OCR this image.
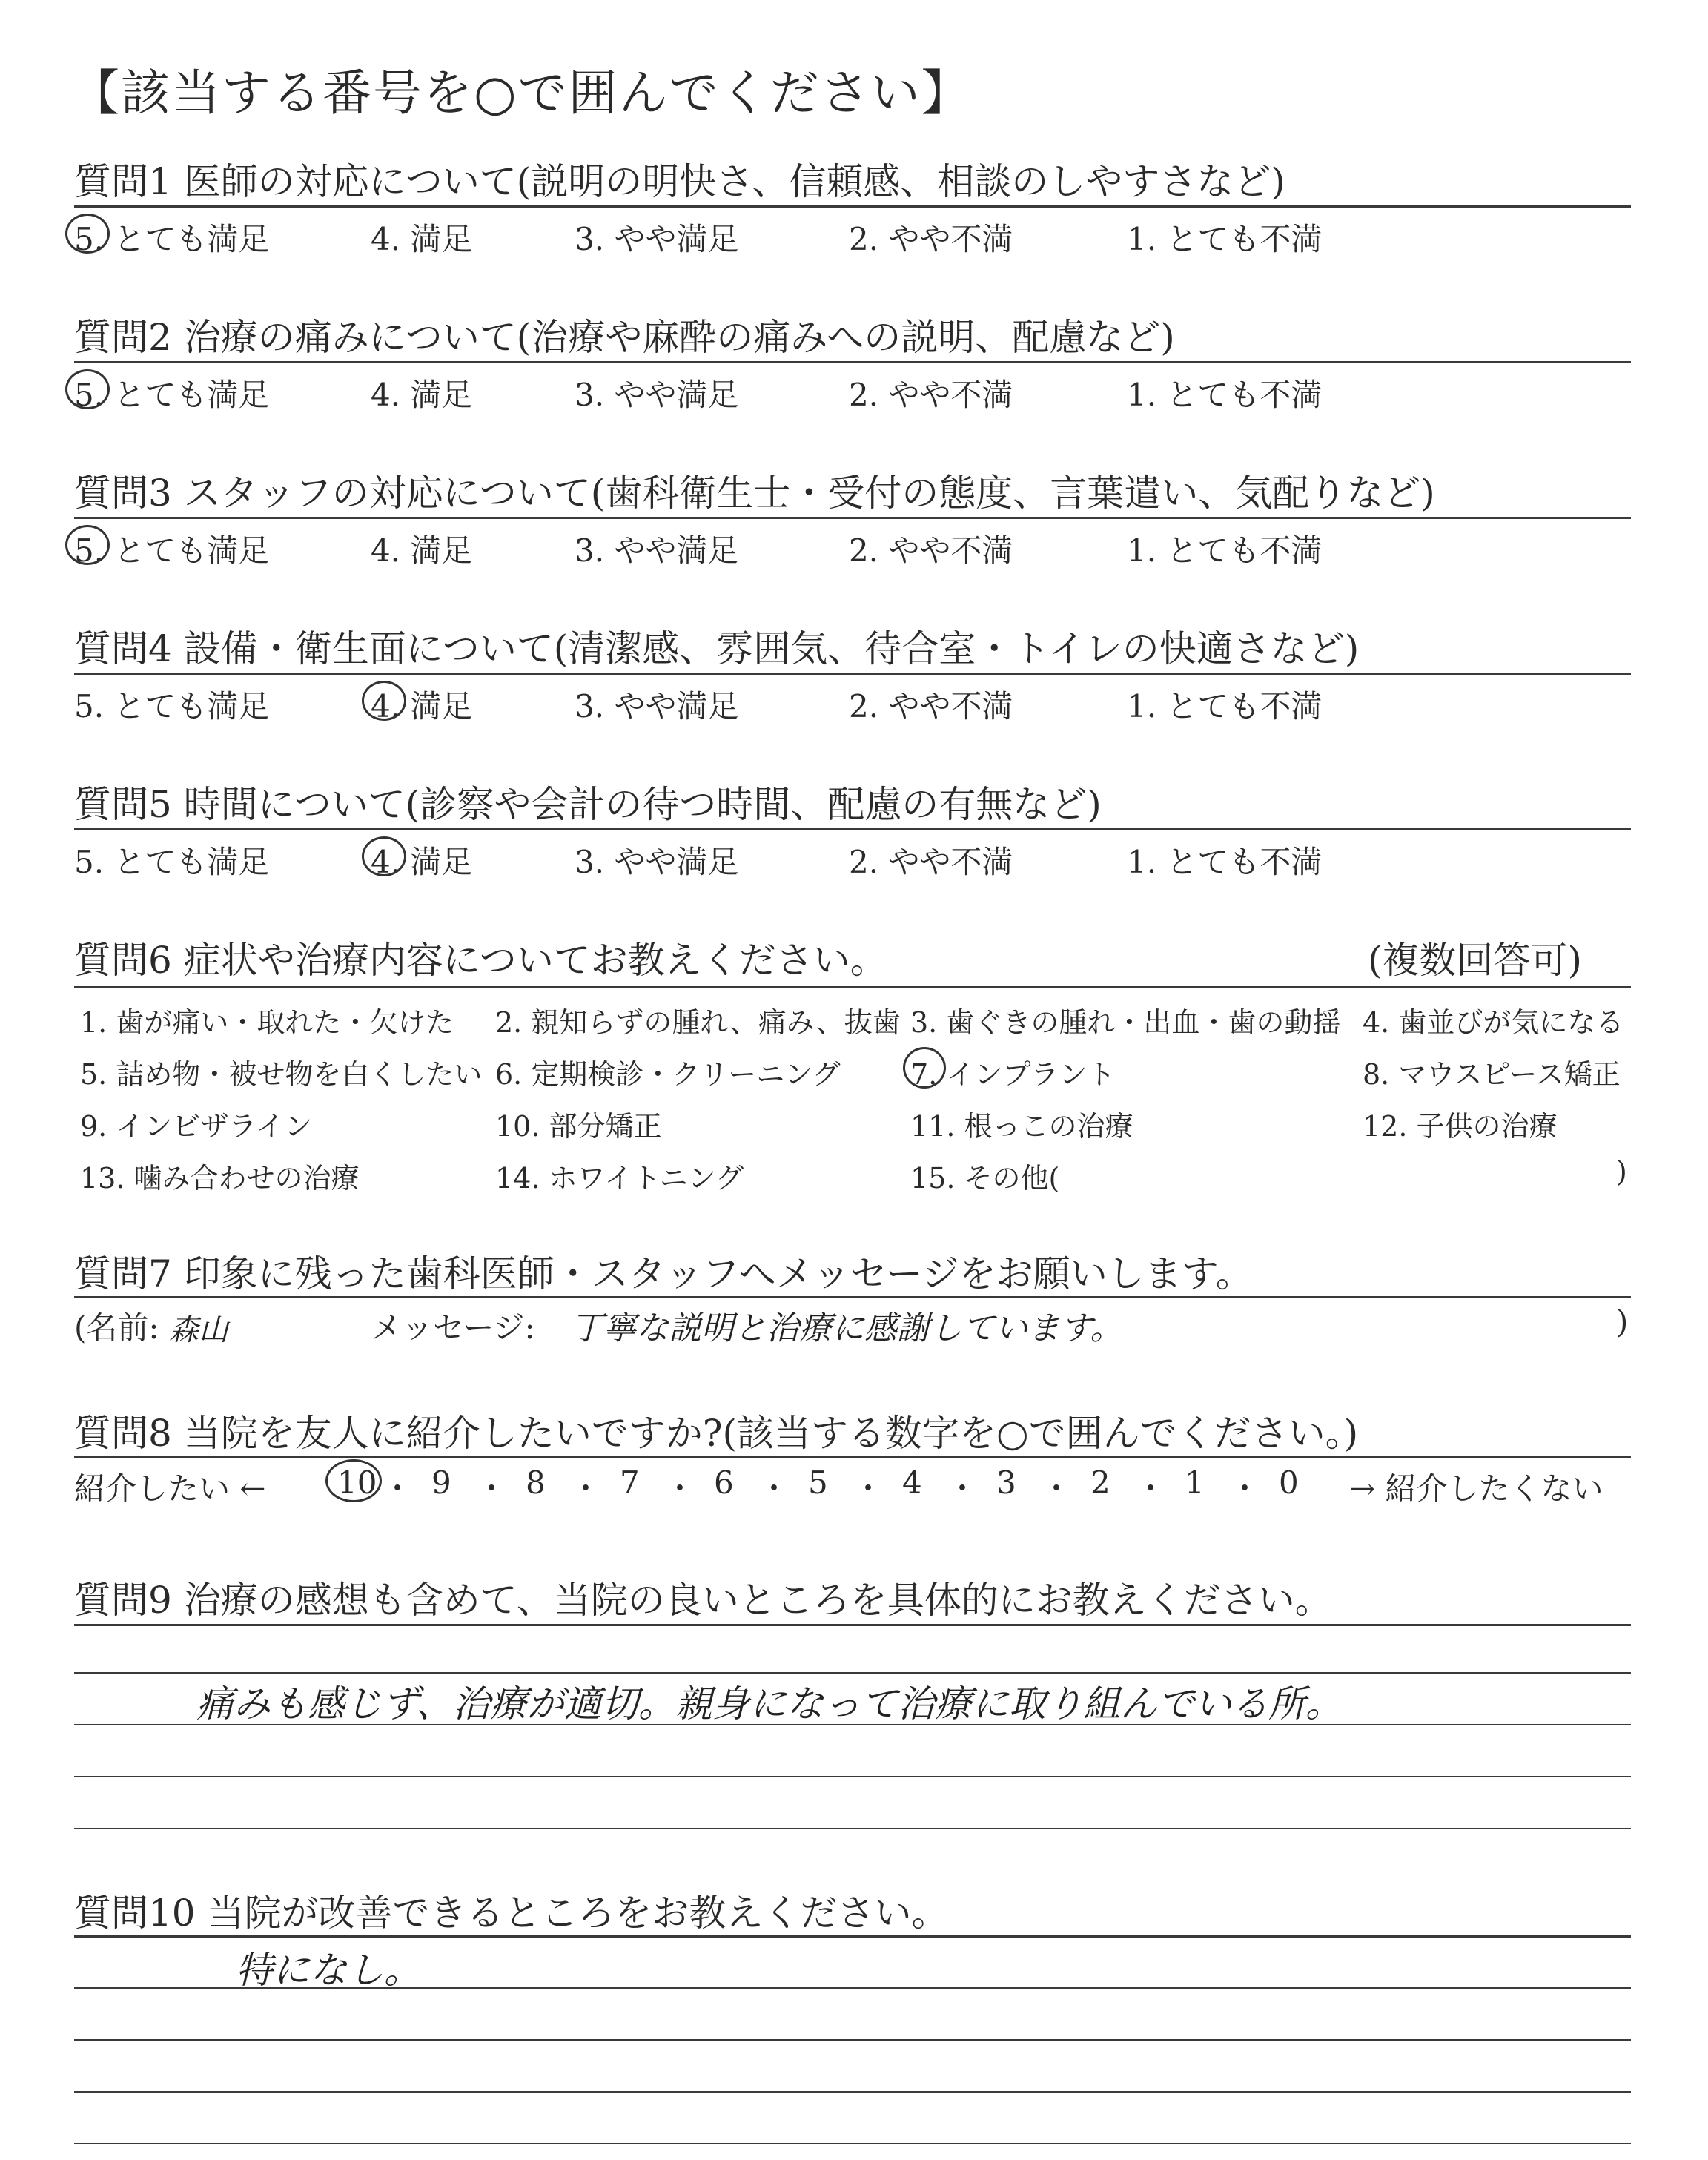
【該当する番号を○で囲んでください】
質問1 医師の対応について(説明の明快さ、信頼感、相談のしやすさなど)
5. とても満足	4. 満足	3. やや満足	2. やや不満	1. とても不満
質問2 治療の痛みについて(治療や麻酔の痛みへの説明、配慮など)
5. とても満足	4. 満足	3. やや満足	2. やや不満	1. とても不満
質問3 スタッフの対応について(歯科衛生士・受付の態度、言葉遣い、気配りなど)
5. とても満足	4. 満足	3. やや満足	2. やや不満	1. とても不満
質問4 設備・衛生面について(清潔感、雰囲気、待合室・トイレの快適さなど)
5. とても満足	4. 満足	3. やや満足	2. やや不満	1. とても不満
質問5 時間について(診察や会計の待つ時間、配慮の有無など)
5. とても満足	4. 満足	3. やや満足	2. やや不満	1. とても不満
質問6 症状や治療内容についてお教えください。	(複数回答可)
1. 歯が痛い・取れた・欠けた 2. 親知らずの腫れ、痛み、抜歯 3. 歯ぐきの腫れ・出血・歯の動揺 4. 歯並びが気になる
5. 詰め物・被せ物を白くしたい 6. 定期検診・クリーニング 7. インプラント	8. マウスピース矯正
9. インビザライン	10. 部分矯正	11. 根っこの治療	12. 子供の治療
13. 噛み合わせの治療	14. ホワイトニング	15. その他(	)
質問7 印象に残った歯科医師・スタッフへメッセージをお願いします。
(名前: 森山	メッセージ: 丁寧な説明と治療に感謝しています。	)
質問8 当院を友人に紹介したいですか?(該当する数字を○で囲んでください。)
紹介したい ←	→ 紹介したくない
10 ・ 9 ・ 8 ・ 7 ・ 6 ・ 5 ・ 4 ・ 3 ・ 2 ・ 1 ・ 0
質問9 治療の感想も含めて、当院の良いところを具体的にお教えください。
痛みも感じず、治療が適切。親身になって治療に取り組んでいる所。
質問10 当院が改善できるところをお教えください。
特になし。
